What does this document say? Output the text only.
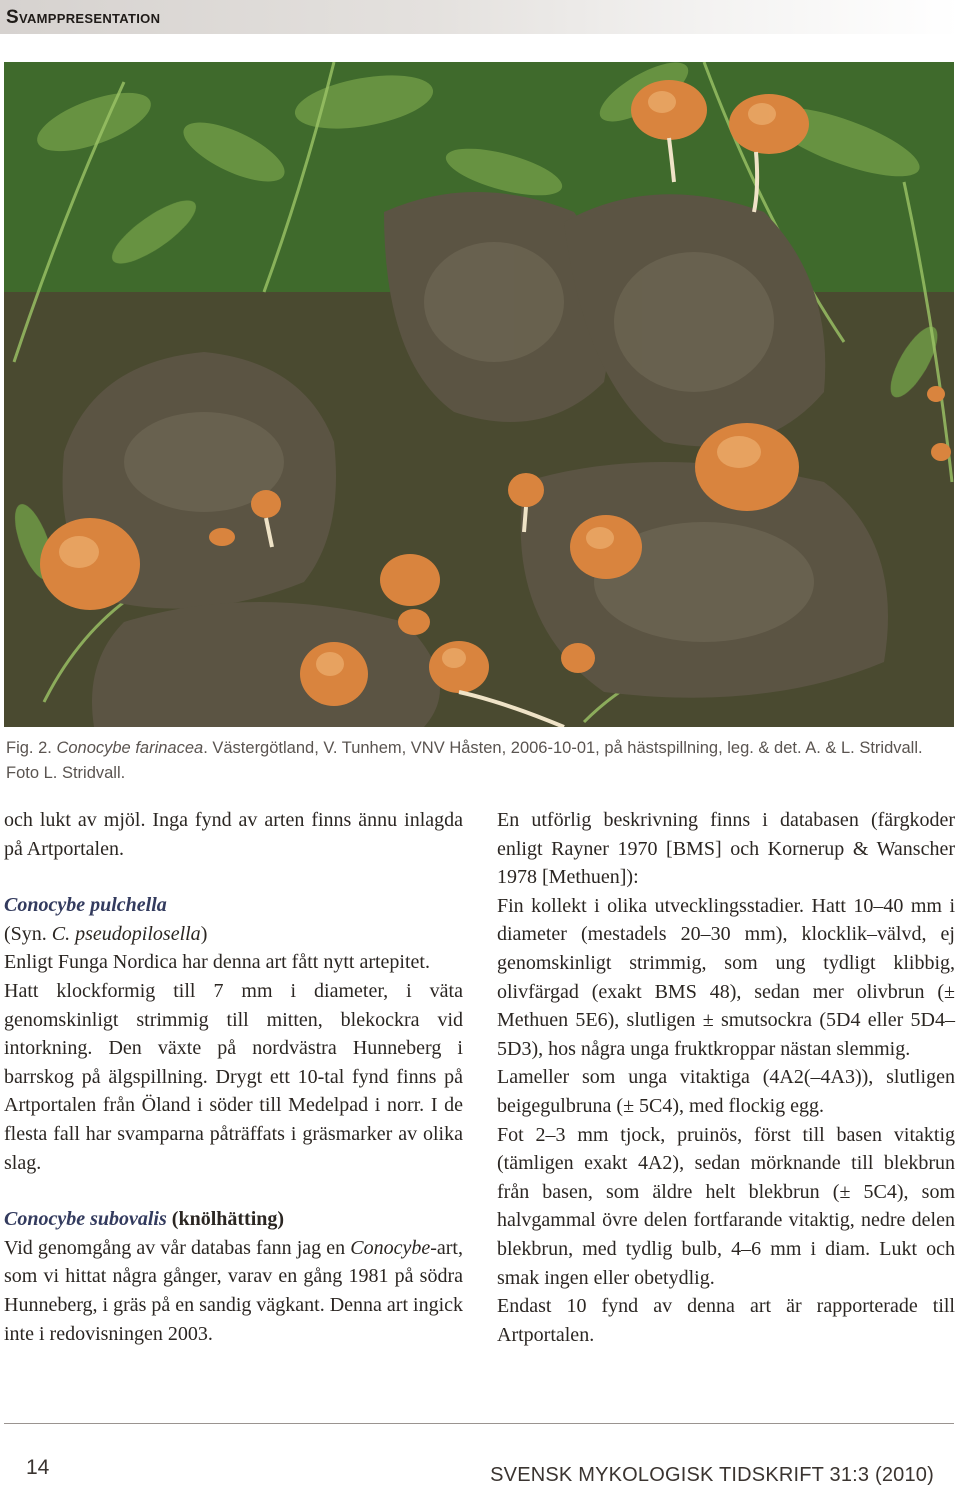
Svamppresentation
Fig. 2. Conocybe farinacea. Västergötland, V. Tunhem, VNV Håsten, 2006-10-01, på hästspillning, leg. & det. A. & L. Stridvall. Foto L. Stridvall.

och lukt av mjöl. Inga fynd av arten finns ännu inlagda på Artportalen.

Conocybe pulchella

(Syn. C. pseudopilosella)

Enligt Funga Nordica har denna art fått nytt artepitet.

Hatt klockformig till 7 mm i diameter, i väta genomskinligt strimmig till mitten, blekockra vid intorkning. Den växte på nordvästra Hunneberg i barrskog på älgspillning. Drygt ett 10-tal fynd finns på Artportalen från Öland i söder till Medelpad i norr. I de flesta fall har svamparna påträffats i gräsmarker av olika slag.

Conocybe subovalis (knölhätting)

Vid genomgång av vår databas fann jag en Conocybe-art, som vi hittat några gånger, varav en gång 1981 på södra Hunneberg, i gräs på en sandig vägkant. Denna art ingick inte i redovisningen 2003.

En utförlig beskrivning finns i databasen (färgkoder enligt Rayner 1970 [BMS] och Kornerup & Wanscher 1978 [Methuen]):

Fin kollekt i olika utvecklingsstadier. Hatt 10–40 mm i diameter (mestadels 20–30 mm), klocklik–välvd, ej genomskinligt strimmig, som ung tydligt klibbig, olivfärgad (exakt BMS 48), sedan mer olivbrun (± Methuen 5E6), slutligen ± smutsockra (5D4 eller 5D4–5D3), hos några unga fruktkroppar nästan slemmig.

Lameller som unga vitaktiga (4A2(–4A3)), slutligen beigegulbruna (± 5C4), med flockig egg.

Fot 2–3 mm tjock, pruinös, först till basen vitaktig (tämligen exakt 4A2), sedan mörknande till blekbrun från basen, som äldre helt blekbrun (± 5C4), som halvgammal övre delen fortfarande vitaktig, nedre delen blekbrun, med tydlig bulb, 4–6 mm i diam. Lukt och smak ingen eller obetydlig.

Endast 10 fynd av denna art är rapporterade till Artportalen.

14	SVENSK MYKOLOGISK TIDSKRIFT 31:3 (2010)
